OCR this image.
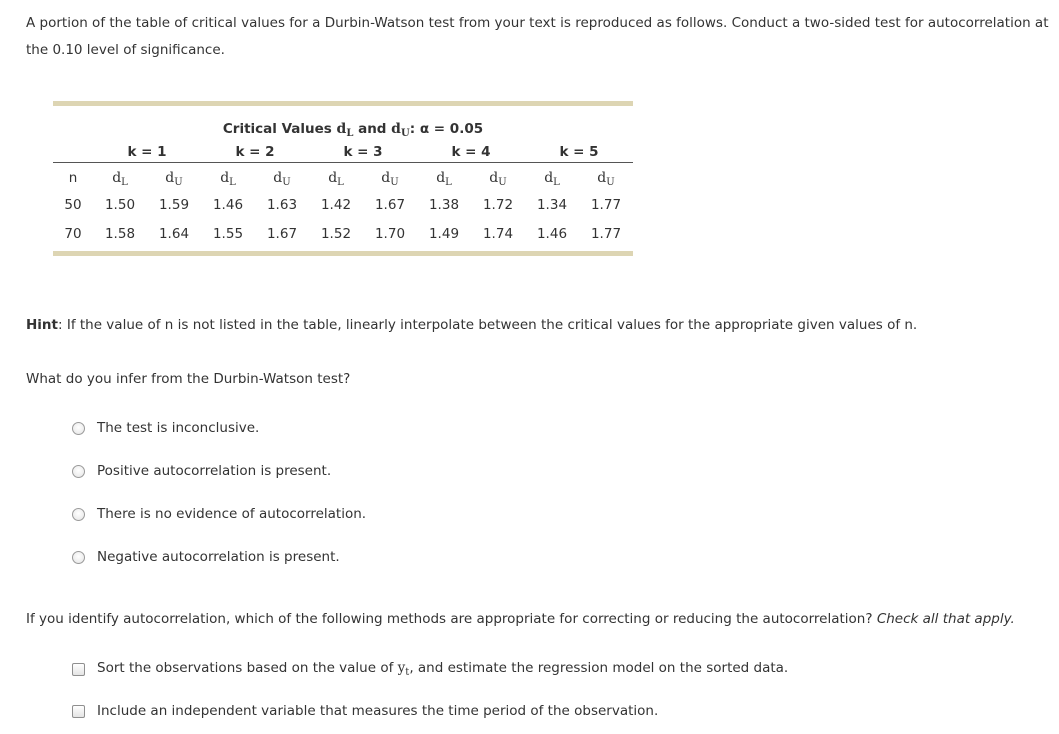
A portion of the table of critical values for a Durbin-Watson test from your text is reproduced as follows. Conduct a two-sided test for autocorrelation at the 0.10 level of significance.
Critical Values $d_L$ and $d_U$: α = 0.05
k = 1	k = 2	k = 3	k = 4	k = 5
n	$d_L$	$d_U$	$d_L$	$d_U$	$d_L$	$d_U$	$d_L$	$d_U$	$d_L$	$d_U$
50	1.50	1.59	1.46	1.63	1.42	1.67	1.38	1.72	1.34	1.77
70	1.58	1.64	1.55	1.67	1.52	1.70	1.49	1.74	1.46	1.77
Hint: If the value of n is not listed in the table, linearly interpolate between the critical values for the appropriate given values of n.
What do you infer from the Durbin-Watson test?
The test is inconclusive.
Positive autocorrelation is present.
There is no evidence of autocorrelation.
Negative autocorrelation is present.
If you identify autocorrelation, which of the following methods are appropriate for correcting or reducing the autocorrelation? Check all that apply.
Sort the observations based on the value of $y_t$, and estimate the regression model on the sorted data.
Include an independent variable that measures the time period of the observation.
